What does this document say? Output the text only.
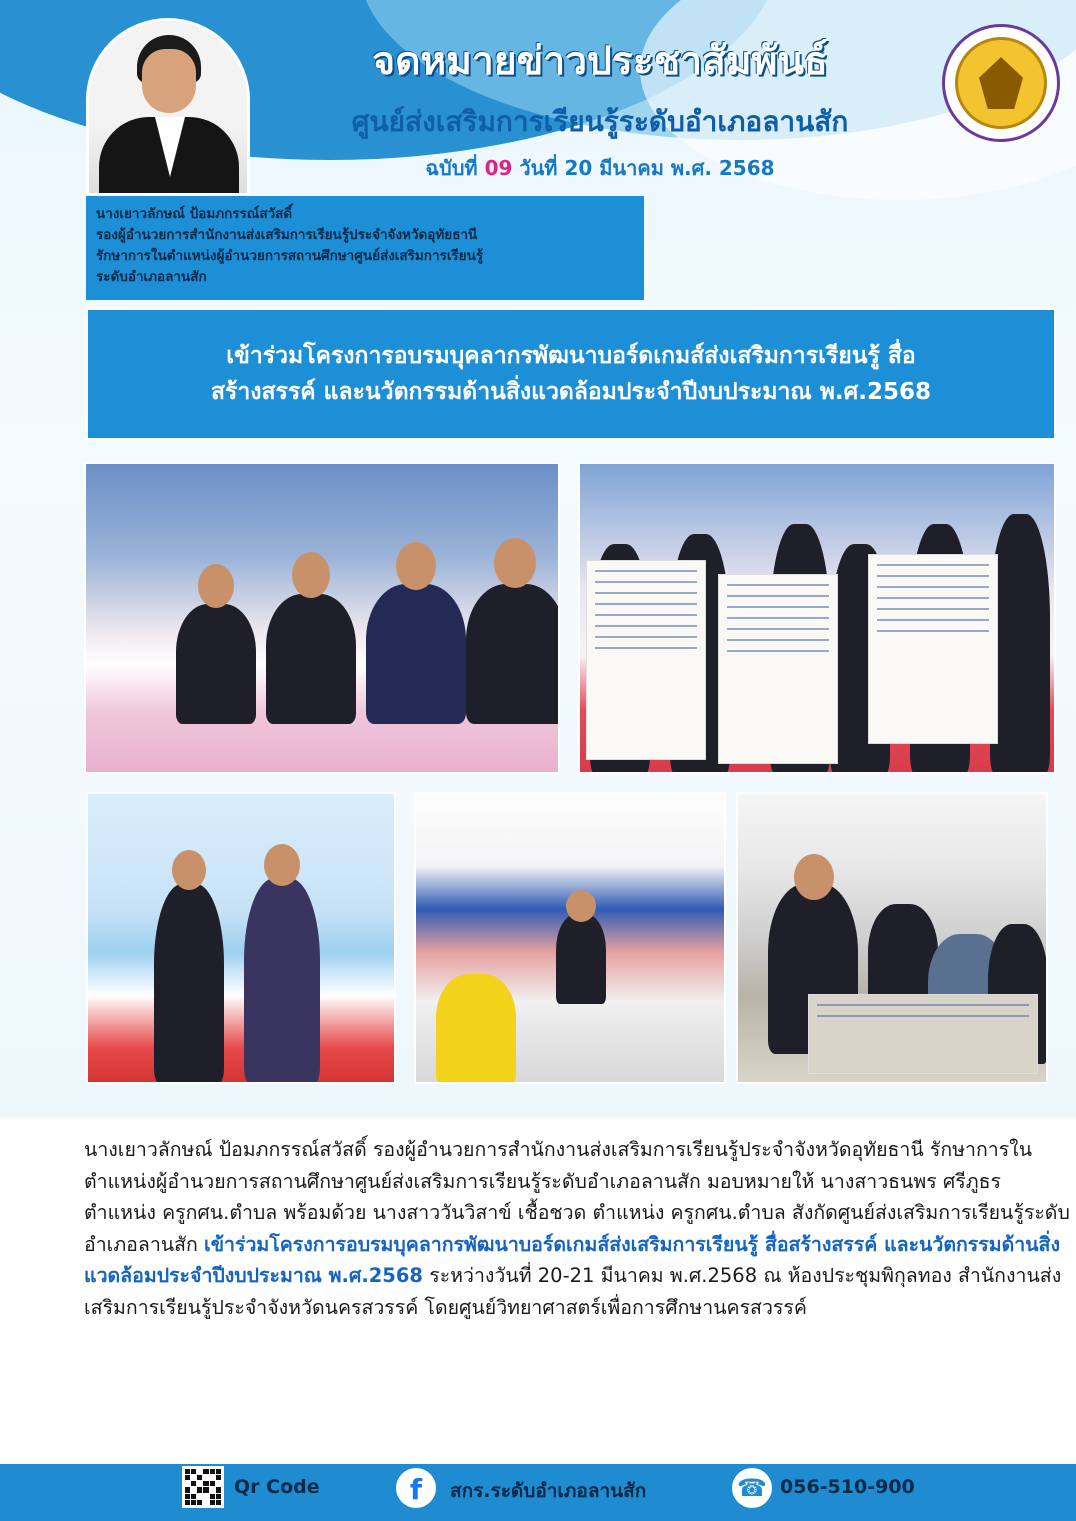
จดหมายข่าวประชาสัมพันธ์
ศูนย์ส่งเสริมการเรียนรู้ระดับอำเภอลานสัก
ฉบับที่ 09 วันที่ 20 มีนาคม พ.ศ. 2568
นางเยาวลักษณ์ ป้อมภกรรณ์สวัสดิ์
รองผู้อำนวยการสำนักงานส่งเสริมการเรียนรู้ประจำจังหวัดอุทัยธานี
รักษาการในตำแหน่งผู้อำนวยการสถานศึกษาศูนย์ส่งเสริมการเรียนรู้
ระดับอำเภอลานสัก
เข้าร่วมโครงการอบรมบุคลากรพัฒนาบอร์ดเกมส์ส่งเสริมการเรียนรู้ สื่อ
สร้างสรรค์ และนวัตกรรมด้านสิ่งแวดล้อมประจำปีงบประมาณ พ.ศ.2568
นางเยาวลักษณ์ ป้อมภกรรณ์สวัสดิ์ รองผู้อำนวยการสำนักงานส่งเสริมการเรียนรู้ประจำจังหวัดอุทัยธานี รักษาการในตำแหน่งผู้อำนวยการสถานศึกษาศูนย์ส่งเสริมการเรียนรู้ระดับอำเภอลานสัก มอบหมายให้ นางสาวธนพร ศรีภูธร ตำแหน่ง ครูกศน.ตำบล พร้อมด้วย นางสาววันวิสาข์ เชื้อชวด ตำแหน่ง ครูกศน.ตำบล สังกัดศูนย์ส่งเสริมการเรียนรู้ระดับอำเภอลานสัก เข้าร่วมโครงการอบรมบุคลากรพัฒนาบอร์ดเกมส์ส่งเสริมการเรียนรู้ สื่อสร้างสรรค์ และนวัตกรรมด้านสิ่งแวดล้อมประจำปีงบประมาณ พ.ศ.2568 ระหว่างวันที่ 20-21 มีนาคม พ.ศ.2568 ณ ห้องประชุมพิกุลทอง สำนักงานส่งเสริมการเรียนรู้ประจำจังหวัดนครสวรรค์ โดยศูนย์วิทยาศาสตร์เพื่อการศึกษานครสวรรค์
Qr Code	f	สกร.ระดับอำเภอลานสัก	☎ 056-510-900
